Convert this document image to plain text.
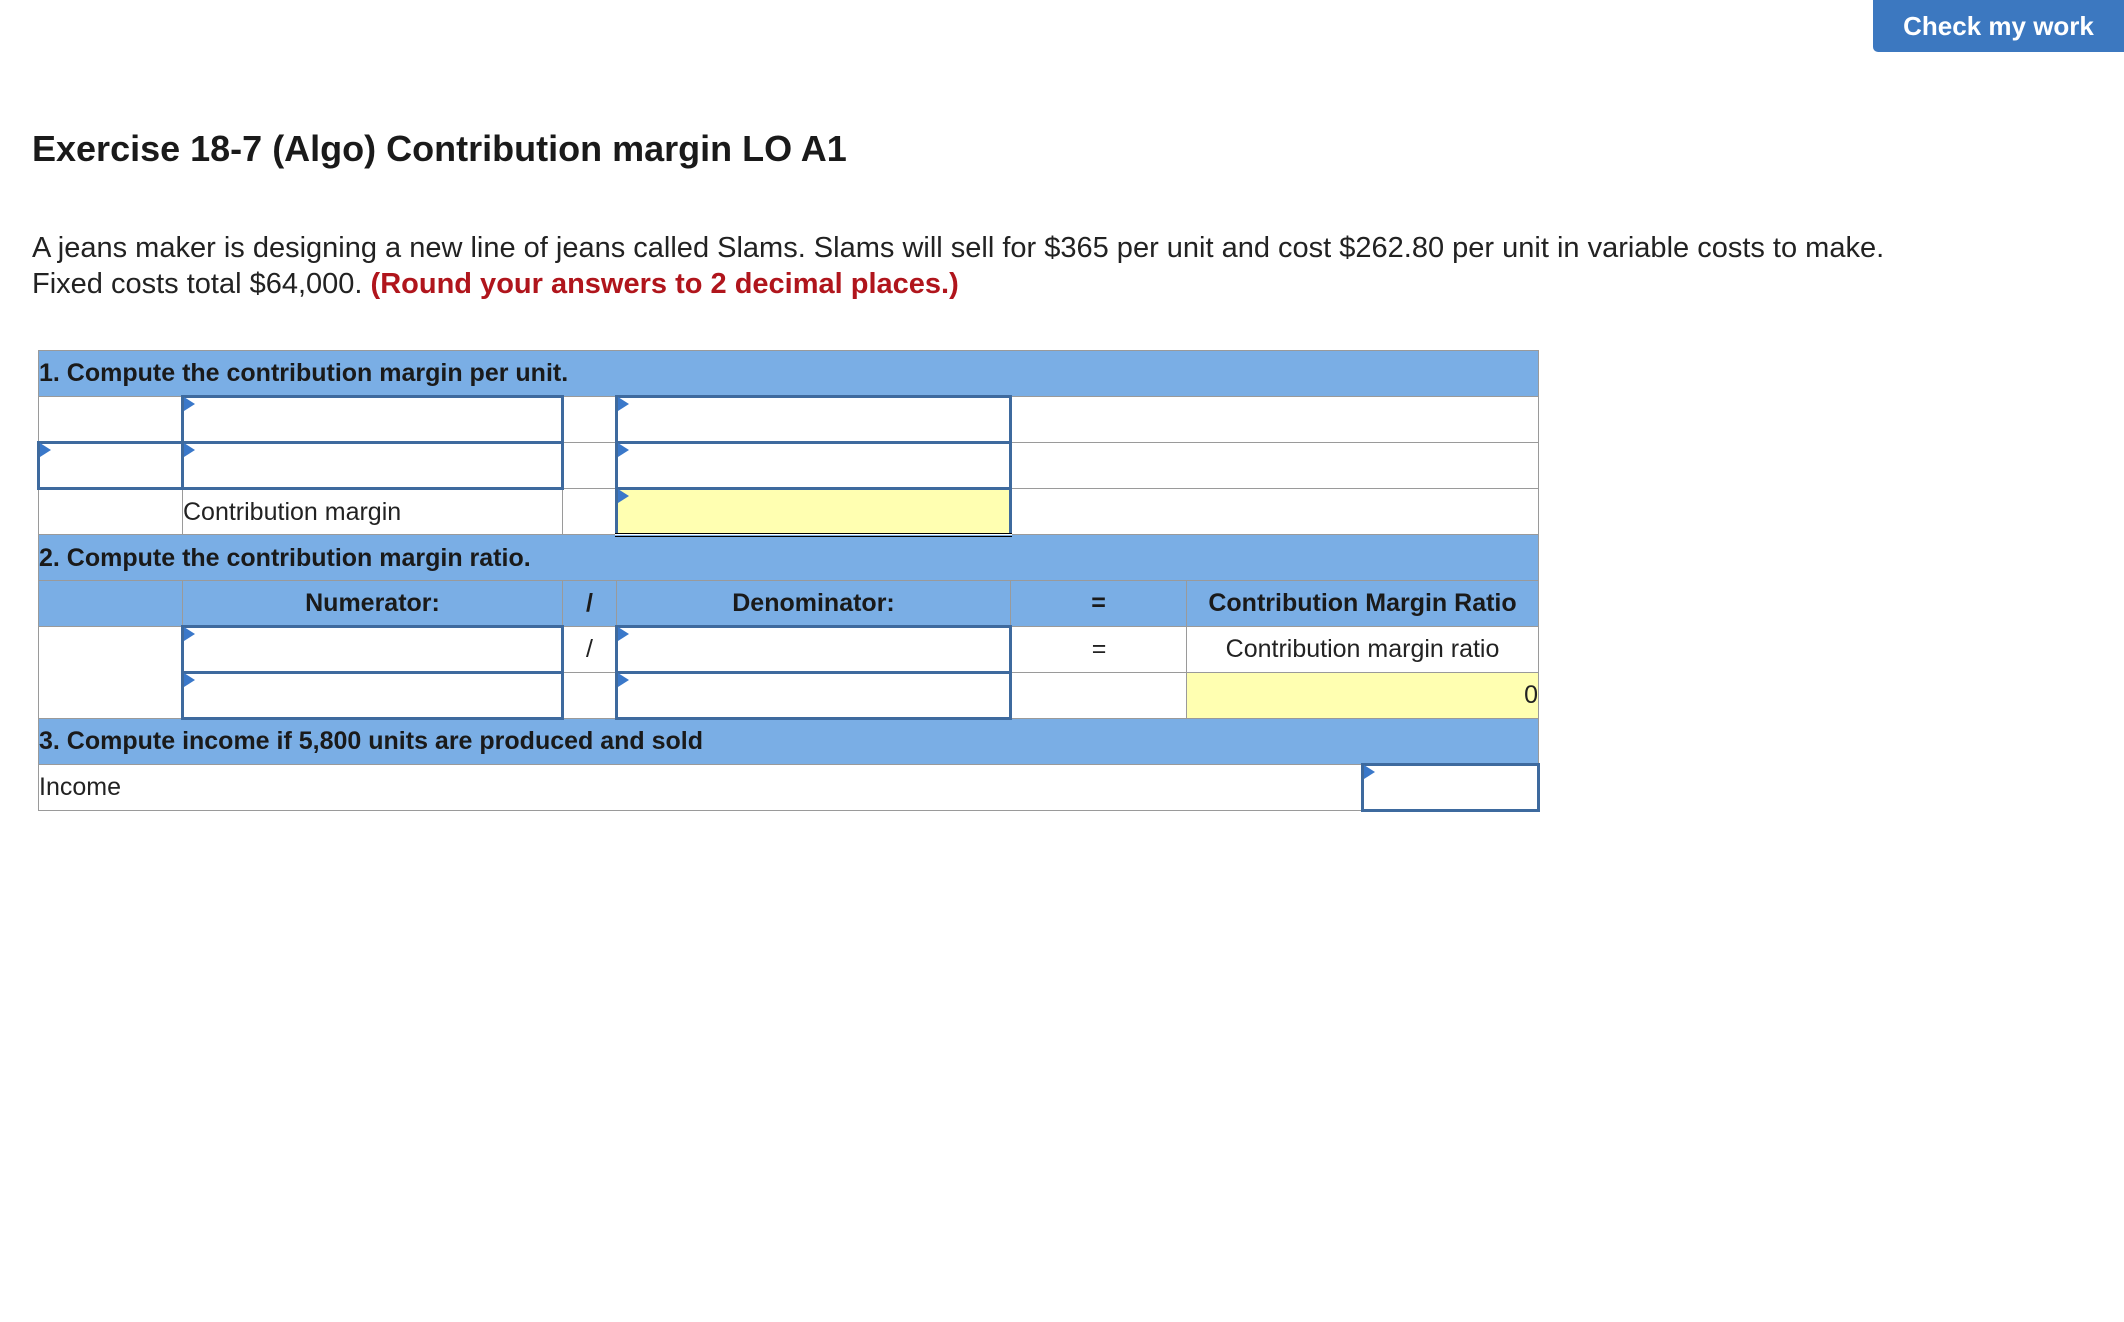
Check my work
Exercise 18-7 (Algo) Contribution margin LO A1

A jeans maker is designing a new line of jeans called Slams. Slams will sell for $365 per unit and cost $262.80 per unit in variable costs to make. Fixed costs total $64,000. (Round your answers to 2 decimal places.)

1. Compute the contribution margin per unit.						

	Contribution margin					
2. Compute the contribution margin ratio.						
	Numerator:	/	Denominator:	=	Contribution Margin Ratio	
		/		=	Contribution margin ratio	
					0	
3. Compute income if 5,800 units are produced and sold						
Income						
